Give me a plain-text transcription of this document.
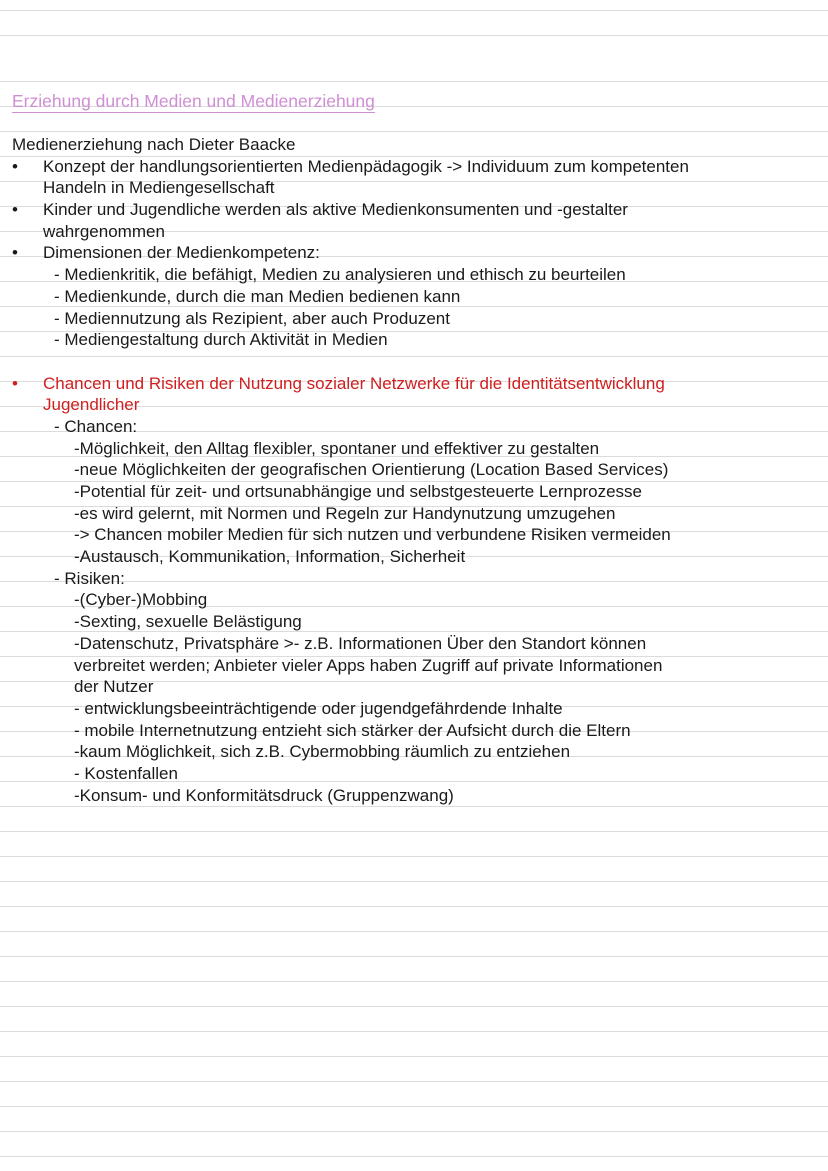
Erziehung durch Medien und Medienerziehung
Medienerziehung nach Dieter Baacke
• Konzept der handlungsorientierten Medienpädagogik -> Individuum zum kompetenten
Handeln in Mediengesellschaft
• Kinder und Jugendliche werden als aktive Medienkonsumenten und -gestalter
wahrgenommen
• Dimensionen der Medienkompetenz:
- Medienkritik, die befähigt, Medien zu analysieren und ethisch zu beurteilen
- Medienkunde, durch die man Medien bedienen kann
- Mediennutzung als Rezipient, aber auch Produzent
- Mediengestaltung durch Aktivität in Medien
• Chancen und Risiken der Nutzung sozialer Netzwerke für die Identitätsentwicklung
Jugendlicher
- Chancen:
-Möglichkeit, den Alltag flexibler, spontaner und effektiver zu gestalten
-neue Möglichkeiten der geografischen Orientierung (Location Based Services)
-Potential für zeit- und ortsunabhängige und selbstgesteuerte Lernprozesse
-es wird gelernt, mit Normen und Regeln zur Handynutzung umzugehen
-> Chancen mobiler Medien für sich nutzen und verbundene Risiken vermeiden
-Austausch, Kommunikation, Information, Sicherheit
- Risiken:
-(Cyber-)Mobbing
-Sexting, sexuelle Belästigung
-Datenschutz, Privatsphäre >- z.B. Informationen Über den Standort können
verbreitet werden; Anbieter vieler Apps haben Zugriff auf private Informationen
der Nutzer
- entwicklungsbeeinträchtigende oder jugendgefährdende Inhalte
- mobile Internetnutzung entzieht sich stärker der Aufsicht durch die Eltern
-kaum Möglichkeit, sich z.B. Cybermobbing räumlich zu entziehen
- Kostenfallen
-Konsum- und Konformitätsdruck (Gruppenzwang)
